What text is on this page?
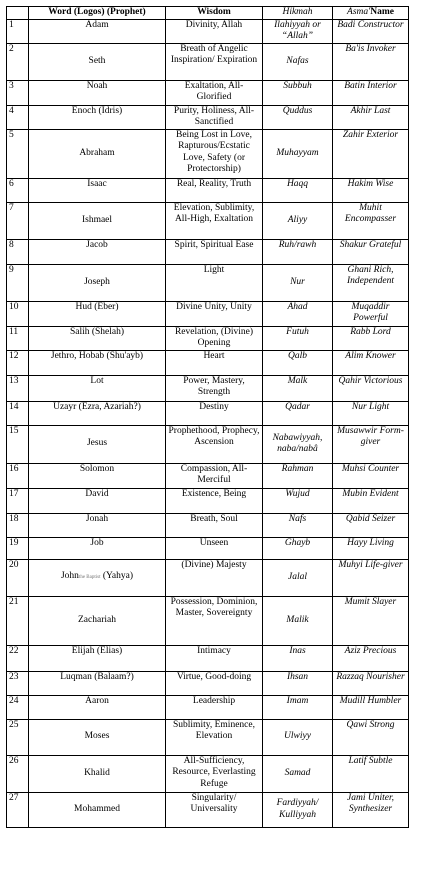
	Word (Logos) (Prophet)	Wisdom	Hikmah	Asma'Name
1	Adam	Divinity, Allah	Ilahiyyah or “Allah”	Badi Constructor
2	Seth	Breath of Angelic Inspiration/ Expiration	Nafas	Ba'is Invoker
3	Noah	Exaltation, All-Glorified	Subbuh	Batin Interior
4	Enoch (Idris)	Purity, Holiness, All-Sanctified	Quddus	Akhir Last
5	Abraham	Being Lost in Love, Rapturous/Ecstatic Love, Safety (or Protectorship)	Muhayyam	Zahir Exterior
6	Isaac	Real, Reality, Truth	Haqq	Hakim Wise
7	Ishmael	Elevation, Sublimity, All-High, Exaltation	Aliyy	Muhit Encompasser
8	Jacob	Spirit, Spiritual Ease	Ruh/rawh	Shakur Grateful
9	Joseph	Light	Nur	Ghani Rich, Independent
10	Hud (Eber)	Divine Unity, Unity	Ahad	Muqaddir Powerful
11	Salih (Shelah)	Revelation, (Divine) Opening	Futuh	Rabb Lord
12	Jethro, Hobab (Shu'ayb)	Heart	Qalb	Alim Knower
13	Lot	Power, Mastery, Strength	Malk	Qahir Victorious
14	Uzayr (Ezra, Azariah?)	Destiny	Qadar	Nur Light
15	Jesus	Prophethood, Prophecy, Ascension	Nabawiyyah, naba/nabâ	Musawwir Form-giver
16	Solomon	Compassion, All-Merciful	Rahman	Muhsi Counter
17	David	Existence, Being	Wujud	Mubin Evident
18	Jonah	Breath, Soul	Nafs	Qabid Seizer
19	Job	Unseen	Ghayb	Hayy Living
20	Johnthe Baptist (Yahya)	(Divine) Majesty	Jalal	Muhyi Life-giver
21	Zachariah	Possession, Dominion, Master, Sovereignty	Malik	Mumit Slayer
22	Elijah (Elias)	Intimacy	Inas	Aziz Precious
23	Luqman (Balaam?)	Virtue, Good-doing	Ihsan	Razzaq Nourisher
24	Aaron	Leadership	Imam	Mudill Humbler
25	Moses	Sublimity, Eminence, Elevation	Ulwiyy	Qawi Strong
26	Khalid	All-Sufficiency, Resource, Everlasting Refuge	Samad	Latif Subtle
27	Mohammed	Singularity/ Universality	Fardiyyah/ Kulliyyah	Jami Uniter, Synthesizer
